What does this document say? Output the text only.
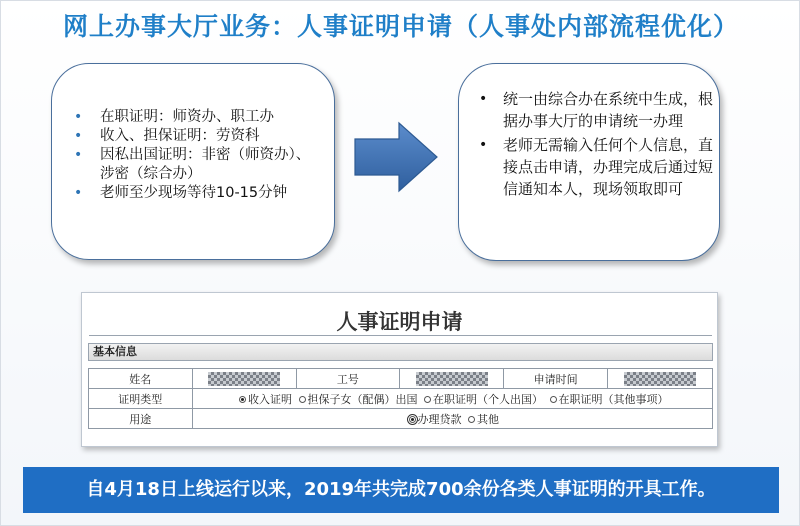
网上办事大厅业务：人事证明申请（人事处内部流程优化）
• 在职证明：师资办、职工办
• 收入、担保证明：劳资科
• 因私出国证明：非密（师资办）、涉密（综合办）
• 老师至少现场等待10-15分钟
• 统一由综合办在系统中生成，根据办事大厅的申请统一办理
• 老师无需输入任何个人信息，直接点击申请，办理完成后通过短信通知本人，现场领取即可
人事证明申请
基本信息
姓名		工号		申请时间	
证明类型	收入证明 担保子女（配偶）出国 在职证明（个人出国） 在职证明（其他事项）				
用途	办理贷款 其他				
自4月18日上线运行以来，2019年共完成700余份各类人事证明的开具工作。
